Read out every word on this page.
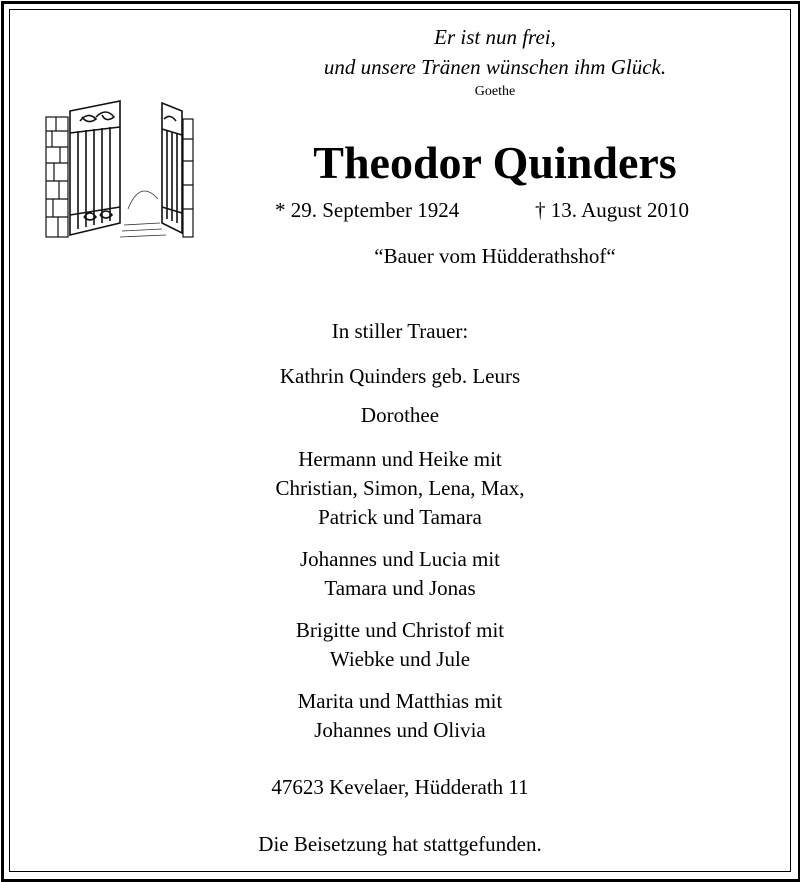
Er ist nun frei,
und unsere Tränen wünschen ihm Glück.
Goethe
Theodor Quinders
* 29. September 1924	† 13. August 2010
“Bauer vom Hüdderathshof“
In stiller Trauer:
Kathrin Quinders geb. Leurs
Dorothee
Hermann und Heike mit
Christian, Simon, Lena, Max,
Patrick und Tamara
Johannes und Lucia mit
Tamara und Jonas
Brigitte und Christof mit
Wiebke und Jule
Marita und Matthias mit
Johannes und Olivia
47623 Kevelaer, Hüdderath 11
Die Beisetzung hat stattgefunden.
